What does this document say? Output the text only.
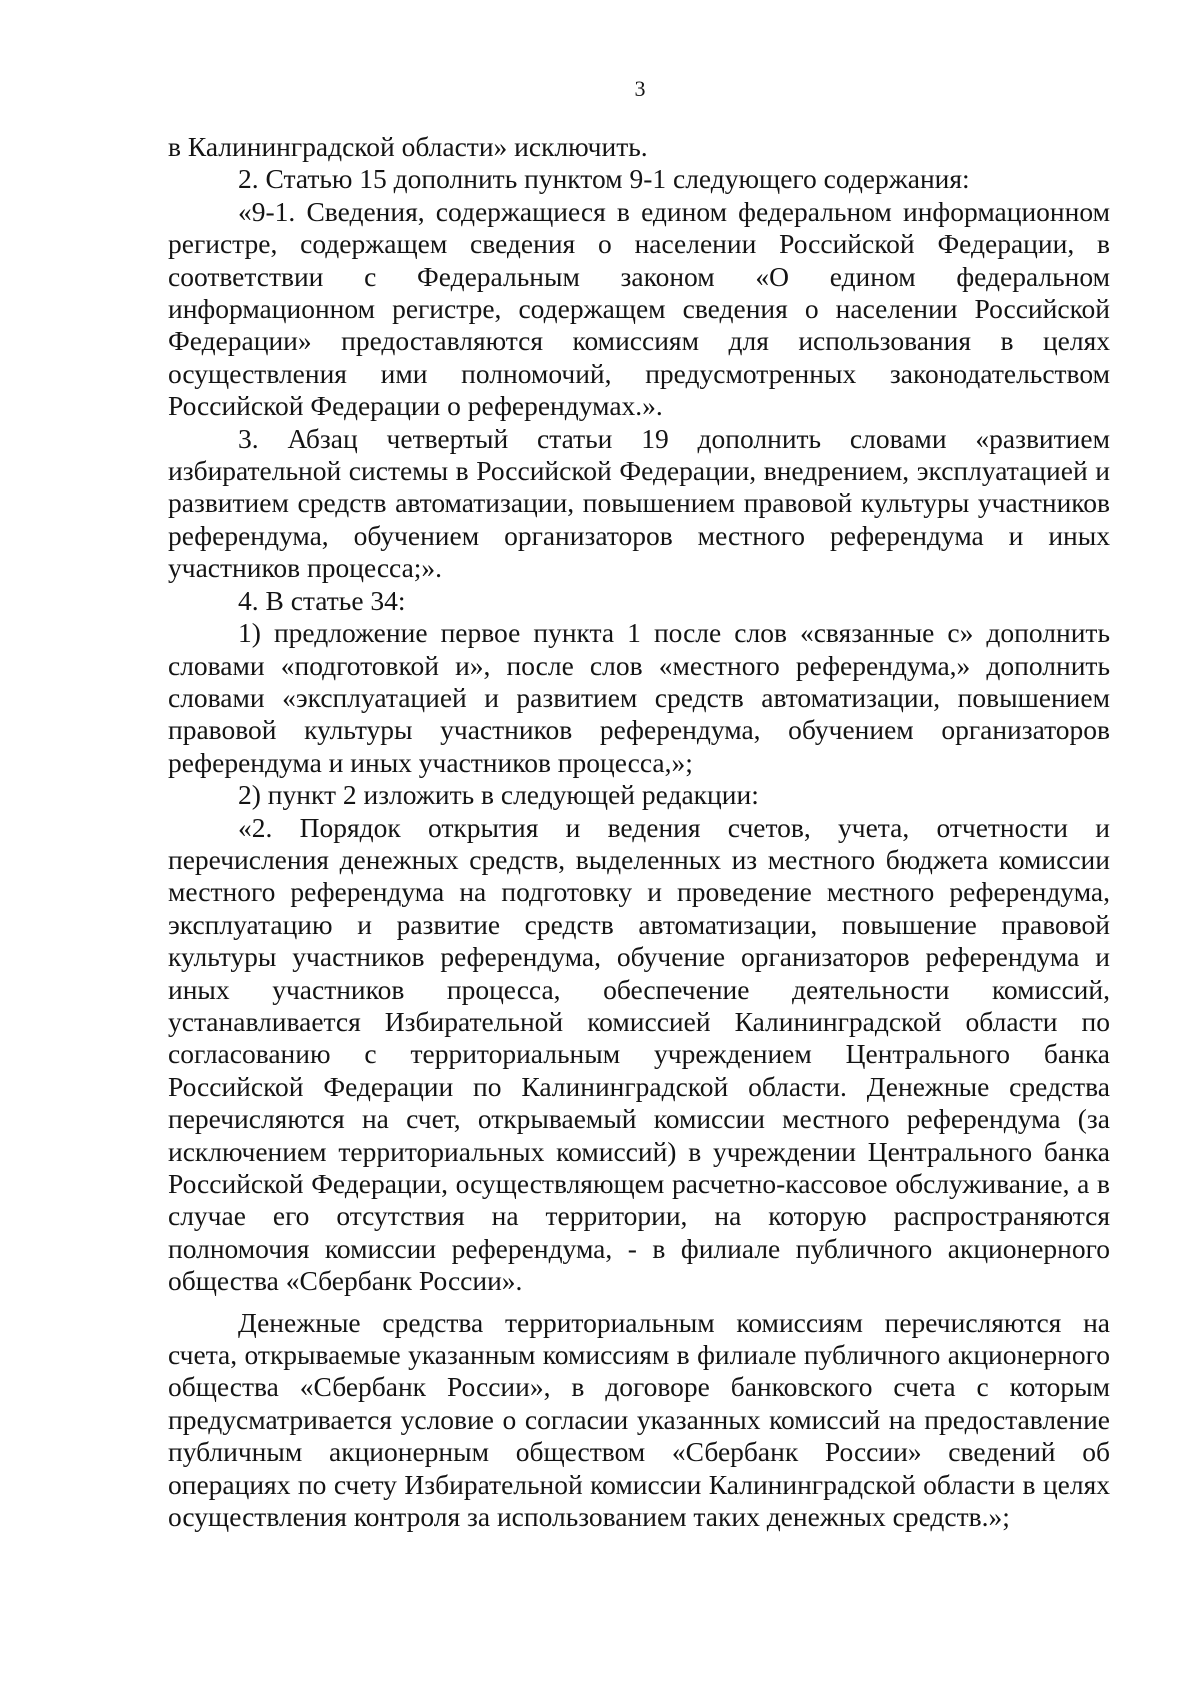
3

в Калининградской области» исключить.

2. Статью 15 дополнить пунктом 9-1 следующего содержания:

«9-1. Сведения, содержащиеся в едином федеральном информационном регистре, содержащем сведения о населении Российской Федерации, в соответствии с Федеральным законом «О едином федеральном информационном регистре, содержащем сведения о населении Российской Федерации» предоставляются комиссиям для использования в целях осуществления ими полномочий, предусмотренных законодательством Российской Федерации о референдумах.».

3. Абзац четвертый статьи 19 дополнить словами «развитием избирательной системы в Российской Федерации, внедрением, эксплуатацией и развитием средств автоматизации, повышением правовой культуры участников референдума, обучением организаторов местного референдума и иных участников процесса;».

4. В статье 34:

1) предложение первое пункта 1 после слов «связанные с» дополнить словами «подготовкой и», после слов «местного референдума,» дополнить словами «эксплуатацией и развитием средств автоматизации, повышением правовой культуры участников референдума, обучением организаторов референдума и иных участников процесса,»;

2) пункт 2 изложить в следующей редакции:

«2. Порядок открытия и ведения счетов, учета, отчетности и перечисления денежных средств, выделенных из местного бюджета комиссии местного референдума на подготовку и проведение местного референдума, эксплуатацию и развитие средств автоматизации, повышение правовой культуры участников референдума, обучение организаторов референдума и иных участников процесса, обеспечение деятельности комиссий, устанавливается Избирательной комиссией Калининградской области по согласованию с территориальным учреждением Центрального банка Российской Федерации по Калининградской области. Денежные средства перечисляются на счет, открываемый комиссии местного референдума (за исключением территориальных комиссий) в учреждении Центрального банка Российской Федерации, осуществляющем расчетно-кассовое обслуживание, а в случае его отсутствия на территории, на которую распространяются полномочия комиссии референдума, - в филиале публичного акционерного общества «Сбербанк России».

Денежные средства территориальным комиссиям перечисляются на счета, открываемые указанным комиссиям в филиале публичного акционерного общества «Сбербанк России», в договоре банковского счета с которым предусматривается условие о согласии указанных комиссий на предоставление публичным акционерным обществом «Сбербанк России» сведений об операциях по счету Избирательной комиссии Калининградской области в целях осуществления контроля за использованием таких денежных средств.»;
